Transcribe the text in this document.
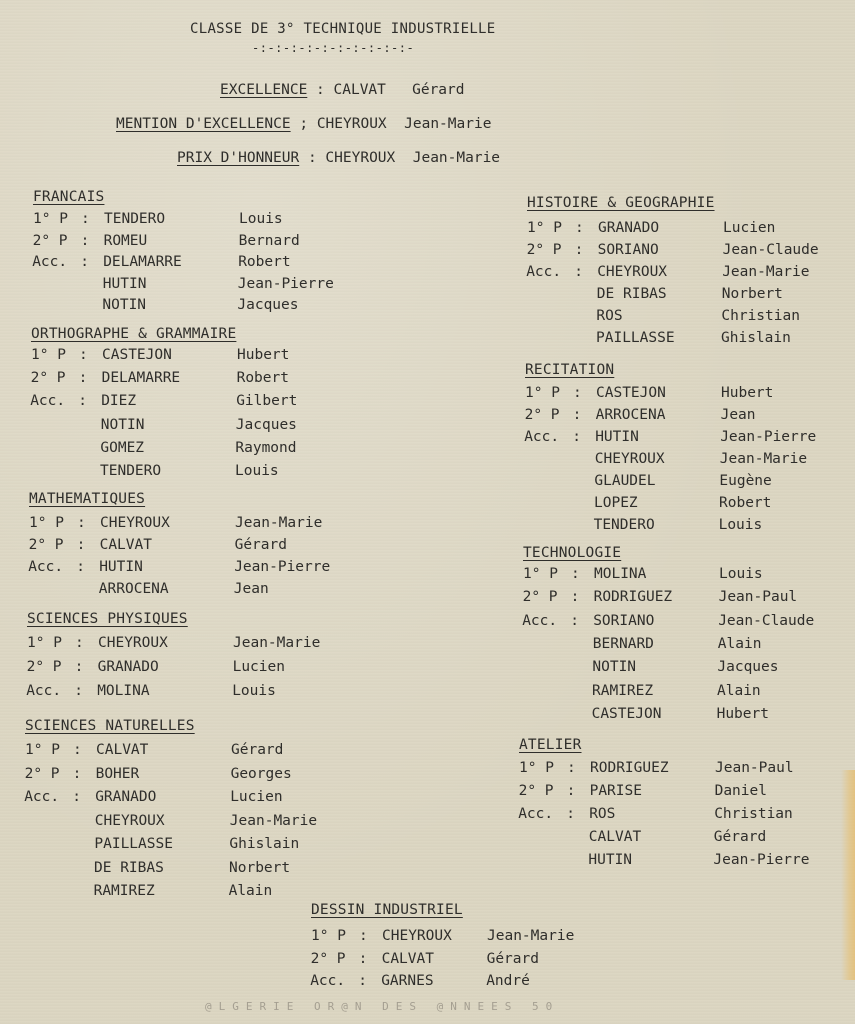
CLASSE DE 3° TECHNIQUE INDUSTRIELLE
-:-:-:-:-:-:-:-:-:-:-
EXCELLENCE : CALVAT Gérard
MENTION D'EXCELLENCE ; CHEYROUX Jean-Marie
PRIX D'HONNEUR : CHEYROUX Jean-Marie
FRANCAIS
1° P : TENDERO	Louis
2° P : ROMEU	Bernard
Acc. : DELAMARRE	Robert
HUTIN	Jean-Pierre
NOTIN	Jacques
ORTHOGRAPHE & GRAMMAIRE
1° P : CASTEJON	Hubert
2° P : DELAMARRE	Robert
Acc. : DIEZ	Gilbert
NOTIN	Jacques
GOMEZ	Raymond
TENDERO	Louis
MATHEMATIQUES
1° P : CHEYROUX	Jean-Marie
2° P : CALVAT	Gérard
Acc. : HUTIN	Jean-Pierre
ARROCENA	Jean
SCIENCES PHYSIQUES
1° P : CHEYROUX	Jean-Marie
2° P : GRANADO	Lucien
Acc. : MOLINA	Louis
SCIENCES NATURELLES
1° P : CALVAT	Gérard
2° P : BOHER	Georges
Acc. : GRANADO	Lucien
CHEYROUX	Jean-Marie
PAILLASSE	Ghislain
DE RIBAS	Norbert
RAMIREZ	Alain
HISTOIRE & GEOGRAPHIE
1° P : GRANADO	Lucien
2° P : SORIANO	Jean-Claude
Acc. : CHEYROUX	Jean-Marie
DE RIBAS	Norbert
ROS	Christian
PAILLASSE	Ghislain
RECITATION
1° P : CASTEJON	Hubert
2° P : ARROCENA	Jean
Acc. : HUTIN	Jean-Pierre
CHEYROUX	Jean-Marie
GLAUDEL	Eugène
LOPEZ	Robert
TENDERO	Louis
TECHNOLOGIE
1° P : MOLINA	Louis
2° P : RODRIGUEZ	Jean-Paul
Acc. : SORIANO	Jean-Claude
BERNARD	Alain
NOTIN	Jacques
RAMIREZ	Alain
CASTEJON	Hubert
ATELIER
1° P : RODRIGUEZ	Jean-Paul
2° P : PARISE	Daniel
Acc. : ROS	Christian
CALVAT	Gérard
HUTIN	Jean-Pierre
DESSIN INDUSTRIEL
1° P : CHEYROUX Jean-Marie
2° P : CALVAT	Gérard
Acc. : GARNES	André
@LGERIE OR@N DES @NNEES 50
